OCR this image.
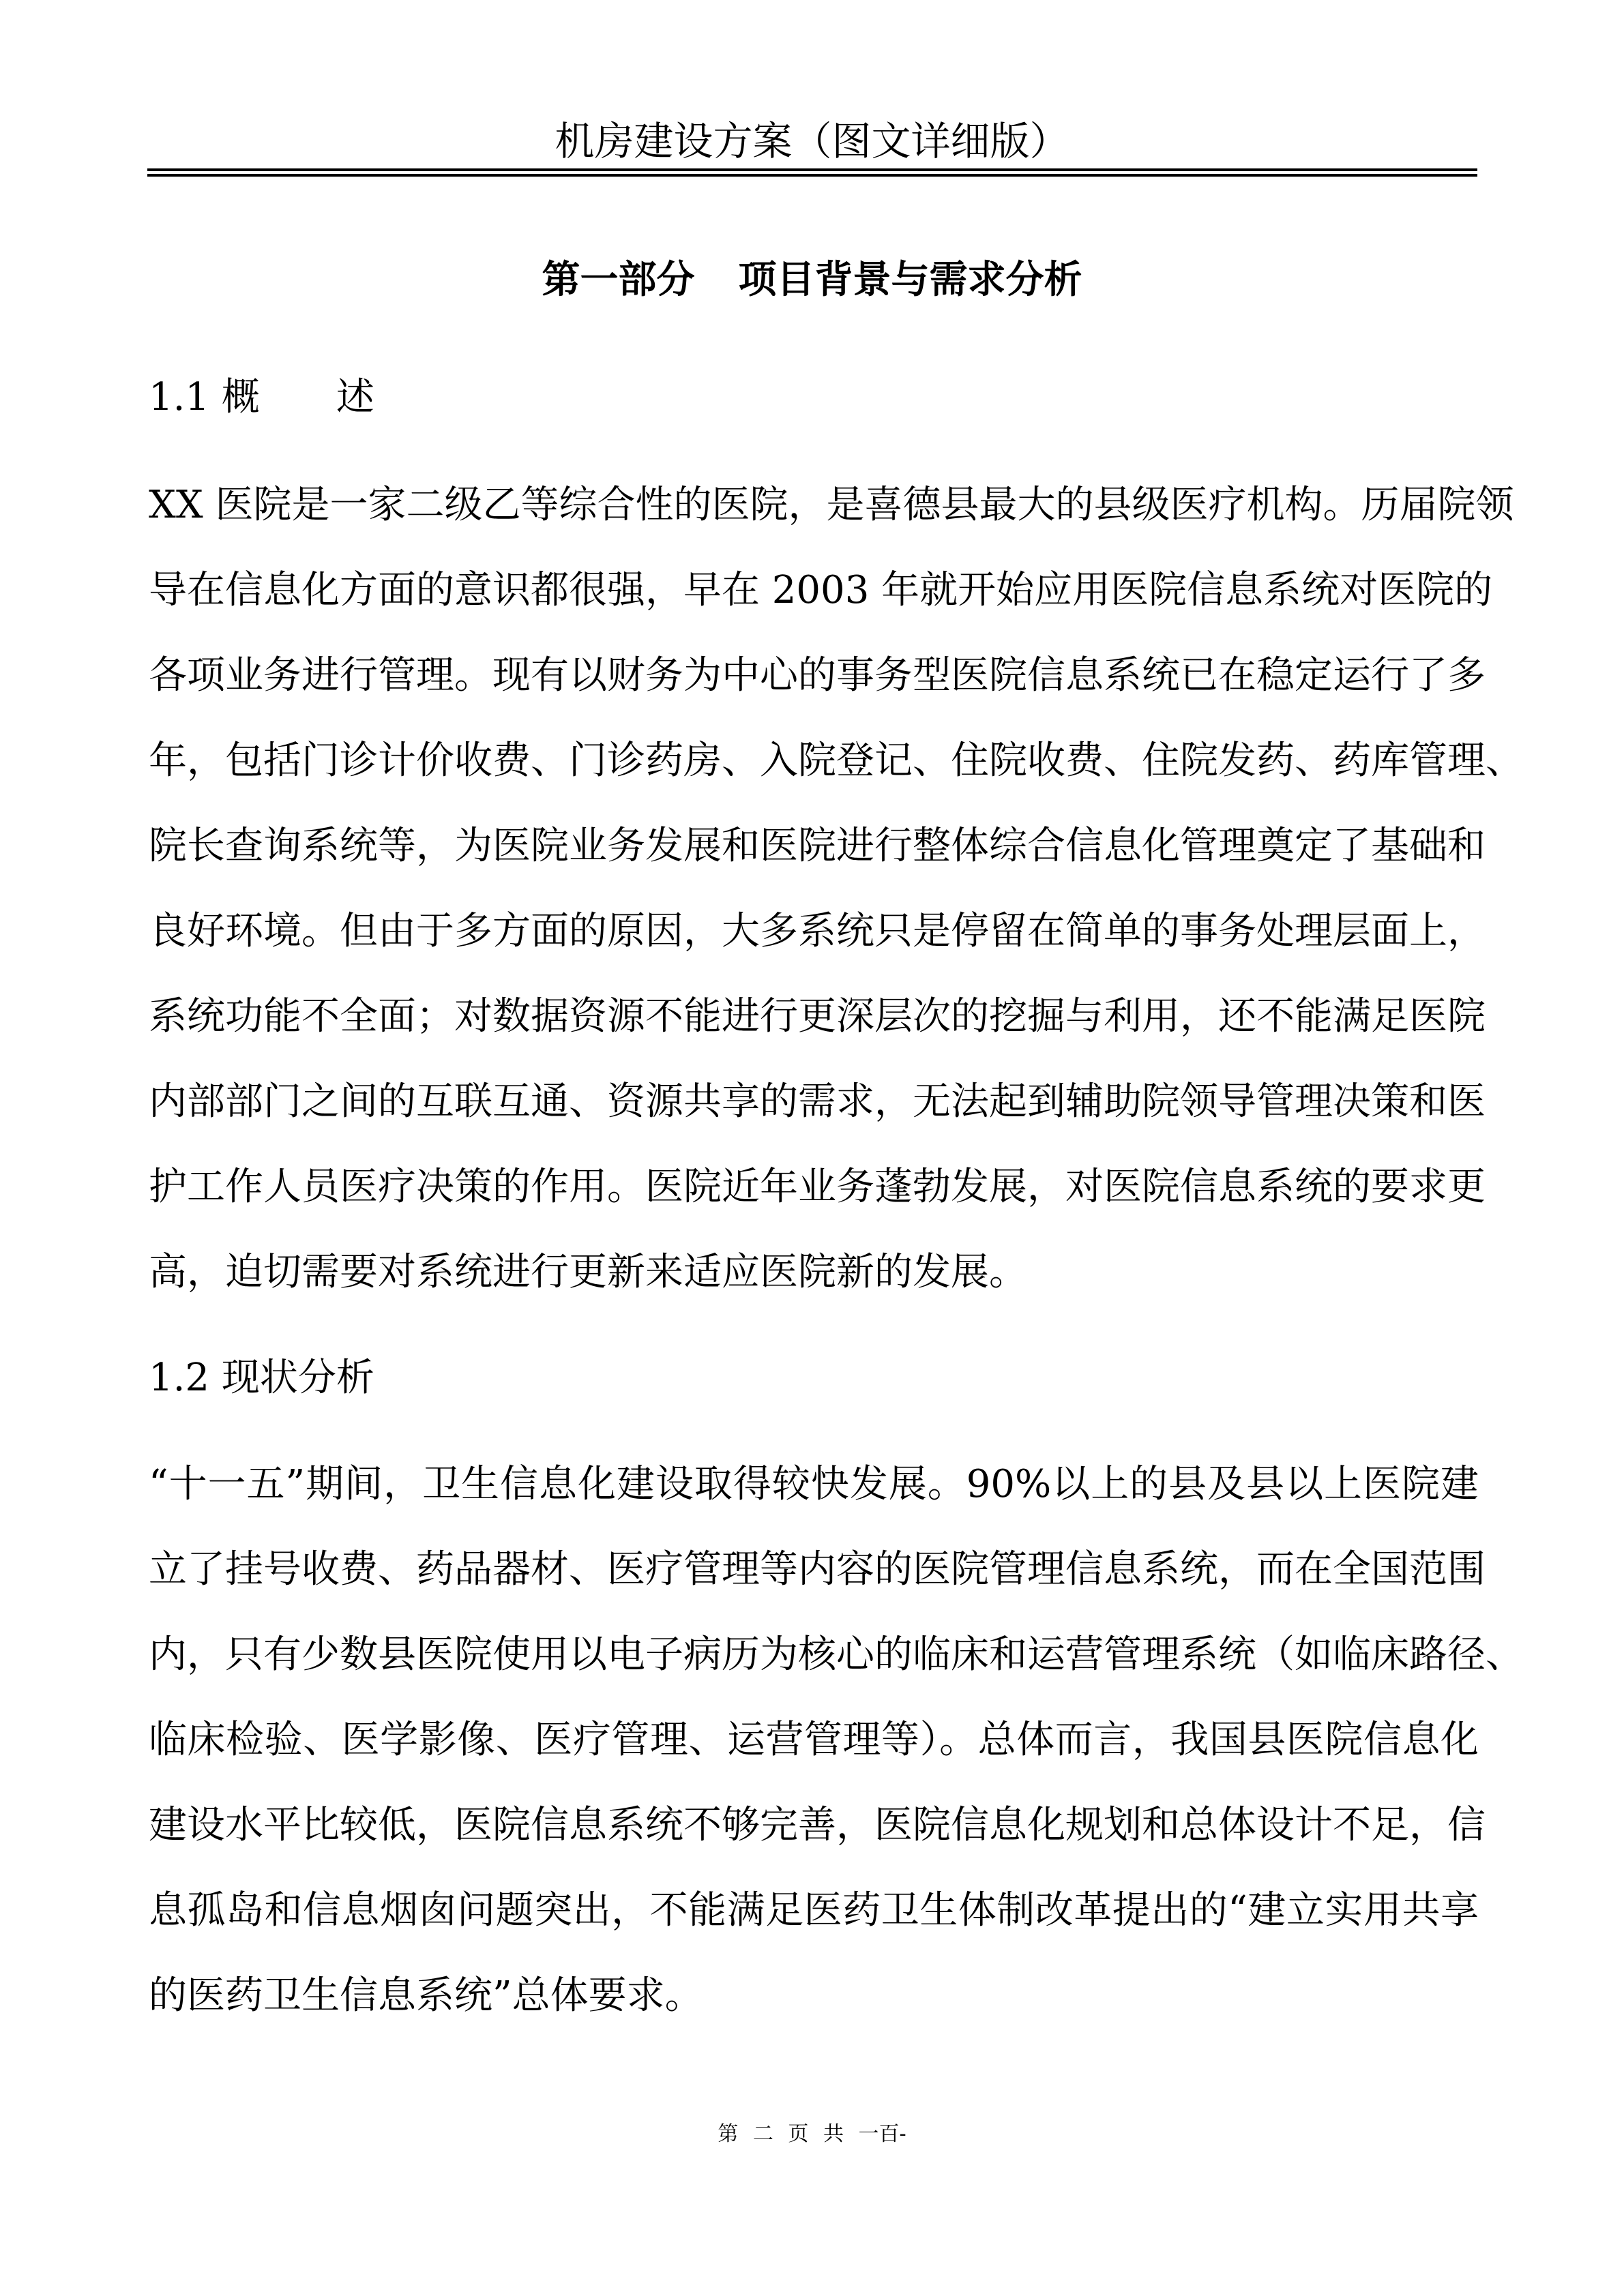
机房建设方案（图文详细版）
第一部分 项目背景与需求分析
1.1 概　　述
XX 医院是一家二级乙等综合性的医院，是喜德县最大的县级医疗机构。历届院领
导在信息化方面的意识都很强，早在 2003 年就开始应用医院信息系统对医院的
各项业务进行管理。现有以财务为中心的事务型医院信息系统已在稳定运行了多
年，包括门诊计价收费、门诊药房、入院登记、住院收费、住院发药、药库管理、
院长查询系统等，为医院业务发展和医院进行整体综合信息化管理奠定了基础和
良好环境。但由于多方面的原因，大多系统只是停留在简单的事务处理层面上，
系统功能不全面；对数据资源不能进行更深层次的挖掘与利用，还不能满足医院
内部部门之间的互联互通、资源共享的需求，无法起到辅助院领导管理决策和医
护工作人员医疗决策的作用。医院近年业务蓬勃发展，对医院信息系统的要求更
高，迫切需要对系统进行更新来适应医院新的发展。
1.2 现状分析
“十一五”期间，卫生信息化建设取得较快发展。90%以上的县及县以上医院建
立了挂号收费、药品器材、医疗管理等内容的医院管理信息系统，而在全国范围
内，只有少数县医院使用以电子病历为核心的临床和运营管理系统（如临床路径、
临床检验、医学影像、医疗管理、运营管理等）。总体而言，我国县医院信息化
建设水平比较低，医院信息系统不够完善，医院信息化规划和总体设计不足，信
息孤岛和信息烟囱问题突出，不能满足医药卫生体制改革提出的“建立实用共享
的医药卫生信息系统”总体要求。
第 二 页 共 一百-
